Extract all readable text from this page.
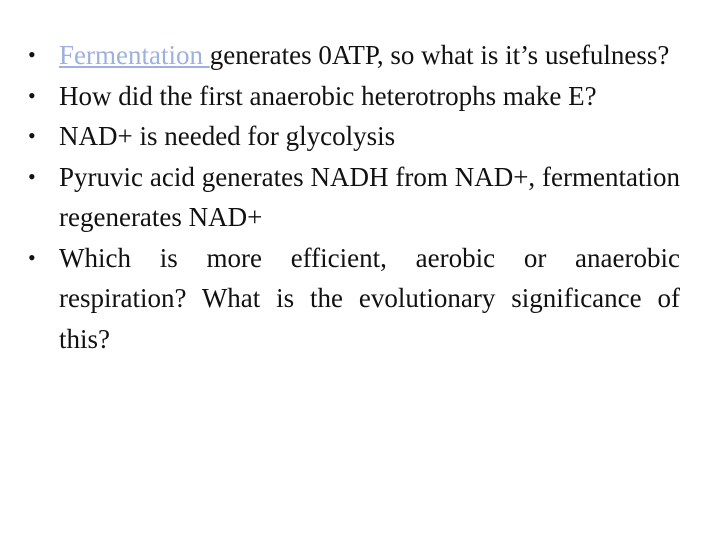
• Fermentation generates 0ATP, so what is it’s usefulness?
• How did the first anaerobic heterotrophs make E?
• NAD+ is needed for glycolysis
• Pyruvic acid generates NADH from NAD+, fermentation regenerates NAD+
• Which is more efficient, aerobic or anaerobic respiration? What is the evolutionary significance of this?
